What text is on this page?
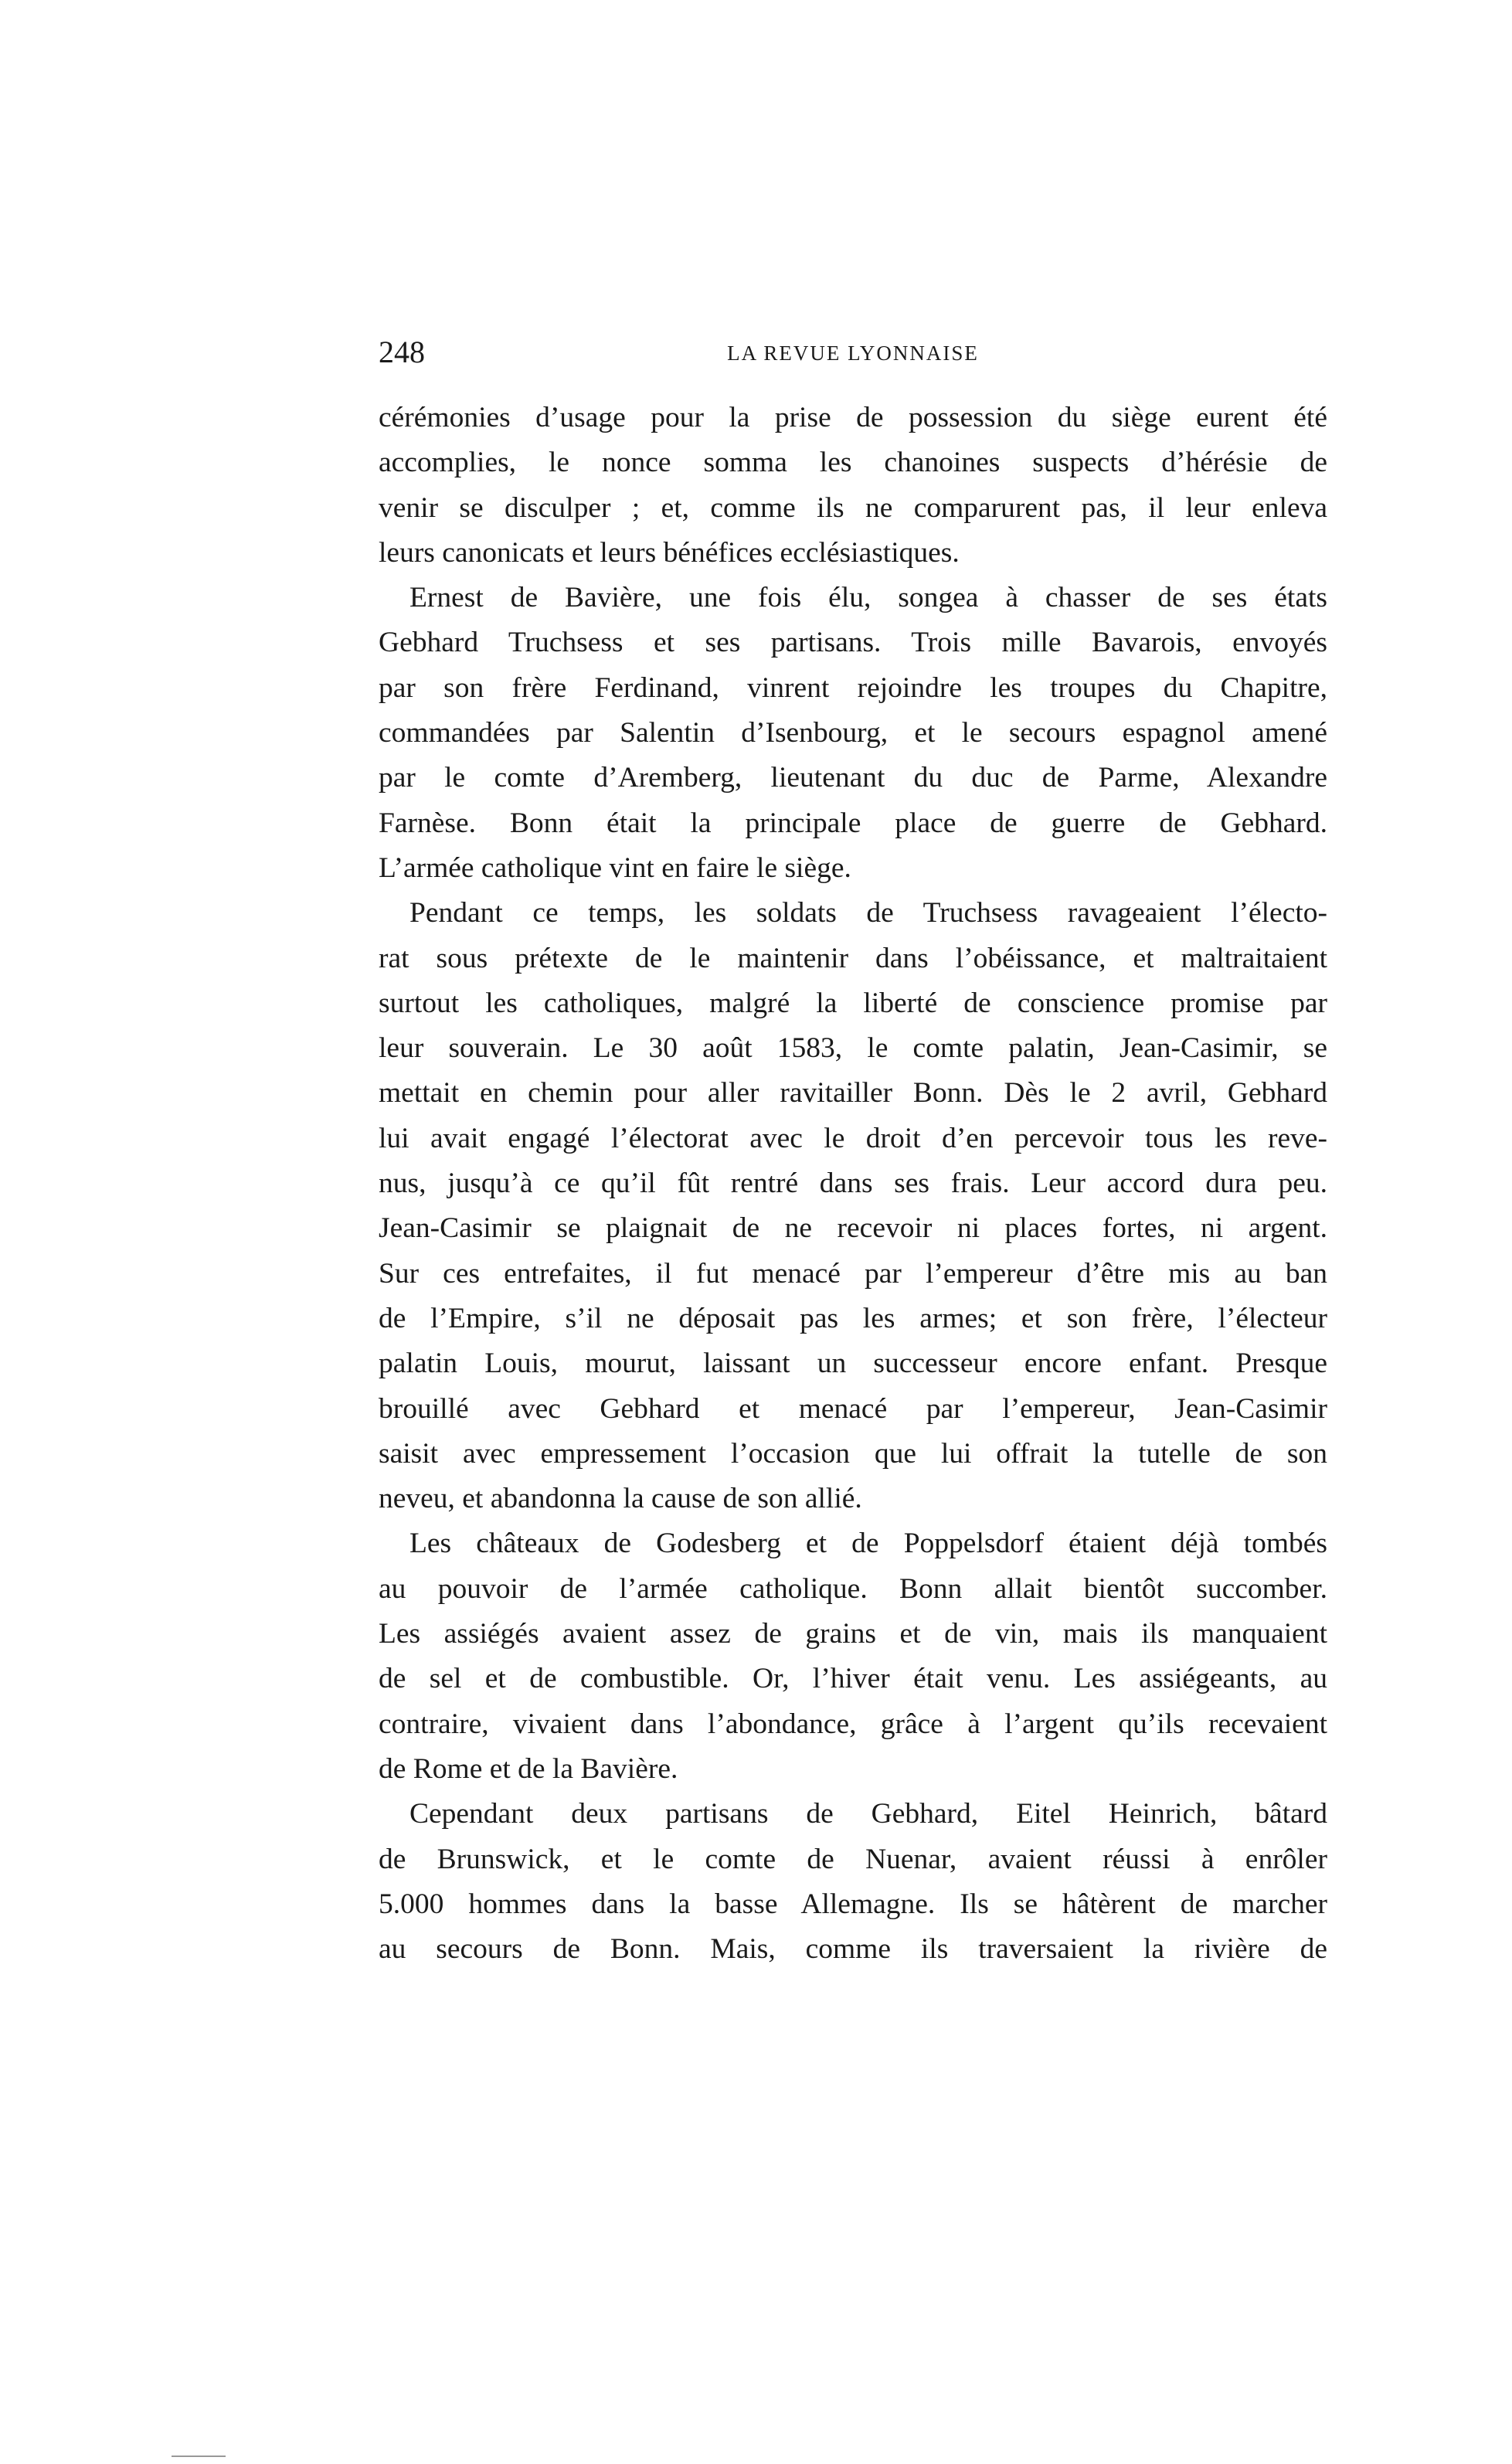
248	LA REVUE LYONNAISE
cérémonies d’usage pour la prise de possession du siège eurent été
accomplies, le nonce somma les chanoines suspects d’hérésie de
venir se disculper ; et, comme ils ne comparurent pas, il leur enleva
leurs canonicats et leurs bénéfices ecclésiastiques.
Ernest de Bavière, une fois élu, songea à chasser de ses états
Gebhard Truchsess et ses partisans. Trois mille Bavarois, envoyés
par son frère Ferdinand, vinrent rejoindre les troupes du Chapitre,
commandées par Salentin d’Isenbourg, et le secours espagnol amené
par le comte d’Aremberg, lieutenant du duc de Parme, Alexandre
Farnèse. Bonn était la principale place de guerre de Gebhard.
L’armée catholique vint en faire le siège.
Pendant ce temps, les soldats de Truchsess ravageaient l’électo-
rat sous prétexte de le maintenir dans l’obéissance, et maltraitaient
surtout les catholiques, malgré la liberté de conscience promise par
leur souverain. Le 30 août 1583, le comte palatin, Jean-Casimir, se
mettait en chemin pour aller ravitailler Bonn. Dès le 2 avril, Gebhard
lui avait engagé l’électorat avec le droit d’en percevoir tous les reve-
nus, jusqu’à ce qu’il fût rentré dans ses frais. Leur accord dura peu.
Jean-Casimir se plaignait de ne recevoir ni places fortes, ni argent.
Sur ces entrefaites, il fut menacé par l’empereur d’être mis au ban
de l’Empire, s’il ne déposait pas les armes; et son frère, l’électeur
palatin Louis, mourut, laissant un successeur encore enfant. Presque
brouillé avec Gebhard et menacé par l’empereur, Jean-Casimir
saisit avec empressement l’occasion que lui offrait la tutelle de son
neveu, et abandonna la cause de son allié.
Les châteaux de Godesberg et de Poppelsdorf étaient déjà tombés
au pouvoir de l’armée catholique. Bonn allait bientôt succomber.
Les assiégés avaient assez de grains et de vin, mais ils manquaient
de sel et de combustible. Or, l’hiver était venu. Les assiégeants, au
contraire, vivaient dans l’abondance, grâce à l’argent qu’ils recevaient
de Rome et de la Bavière.
Cependant deux partisans de Gebhard, Eitel Heinrich, bâtard
de Brunswick, et le comte de Nuenar, avaient réussi à enrôler
5.000 hommes dans la basse Allemagne. Ils se hâtèrent de marcher
au secours de Bonn. Mais, comme ils traversaient la rivière de
